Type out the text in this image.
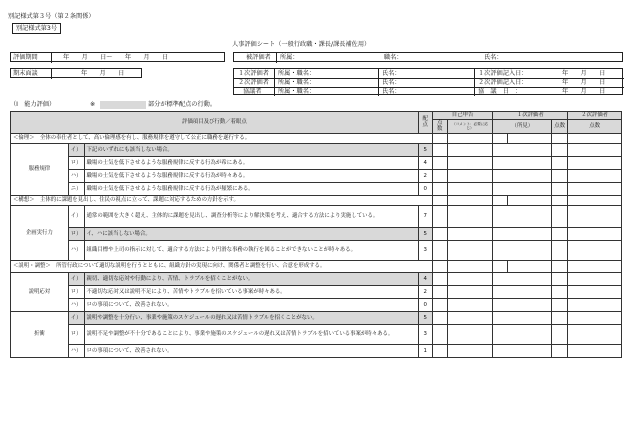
別記様式第３号（第２条関係）
別記様式第3号
人事評価シート（一般行政職・課長/課長補佐用）
評価期間	年　　月　　日〜　　年　　月　　日	被評価者 所属：	職名：	氏名：
期末面談	年　　月　　日	１次評価者 所属・職名：	氏名：	１次評価記入日：	年　　月　　日
２次評価者 所属・職名：	氏名：	２次評価記入日：	年　　月　　日
協議者	所属・職名：	氏名：	協　議　日　：	年　　月　　日
（Ⅰ　能力評価）	※	部分が標準配点の行動。
評価項目及び行動／着眼点			配点	自己申告		１次評価者			２次評価者
				点数	（コメント：必要に応じ）	（所見）		点数	点数
＜倫理＞　全体の奉仕者として、高い倫理感を有し、服務規律を遵守して公正に職務を遂行する。									
服務規律	イ）	下記のいずれにも該当しない場合。	5						
	ロ）	職場の士気を低下させるような服務規律に反する行為が希にある。	4						
	ハ）	職場の士気を低下させるような服務規律に反する行為が時々ある。	2						
	ニ）	職場の士気を低下させるような服務規律に反する行為が頻繁にある。	0						
＜構想＞　主体的に課題を見出し、住民の視点に立って、課題に対応するための方針を示す。									
企画実行力	イ）	通常の範囲を大きく超え、主体的に課題を見出し、調査分析等により解決策を考え、適合する方法により実施している。	7						
	ロ）	イ、ハに該当しない場合。	5						
	ハ）	組織目標や上司の指示に対して、適合する方法により円滑な事務の執行を図ることができないことが時々ある。	3						
＜説明・調整＞　所管行政について適切な説明を行うとともに、組織方針の実現に向け、関係者と調整を行い、合意を形成する。									
説明応対	イ）	親切、適切な応対や行動により、苦情、トラブルを招くことがない。	4						
	ロ）	不適切な応対又は説明不足により、苦情やトラブルを招いている事案が時々ある。	2						
	ハ）	ロの事項について、改善されない。	0						
折衝	イ）	説明や調整を十分行い、事業や施策のスケジュールの遅れ又は苦情トラブルを招くことがない。	5						
	ロ）	説明不足や調整が不十分であることにより、事業や施策のスケジュールの遅れ又は苦情トラブルを招いている事案が時々ある。	3						
	ハ）	ロの事項について、改善されない。	1						
